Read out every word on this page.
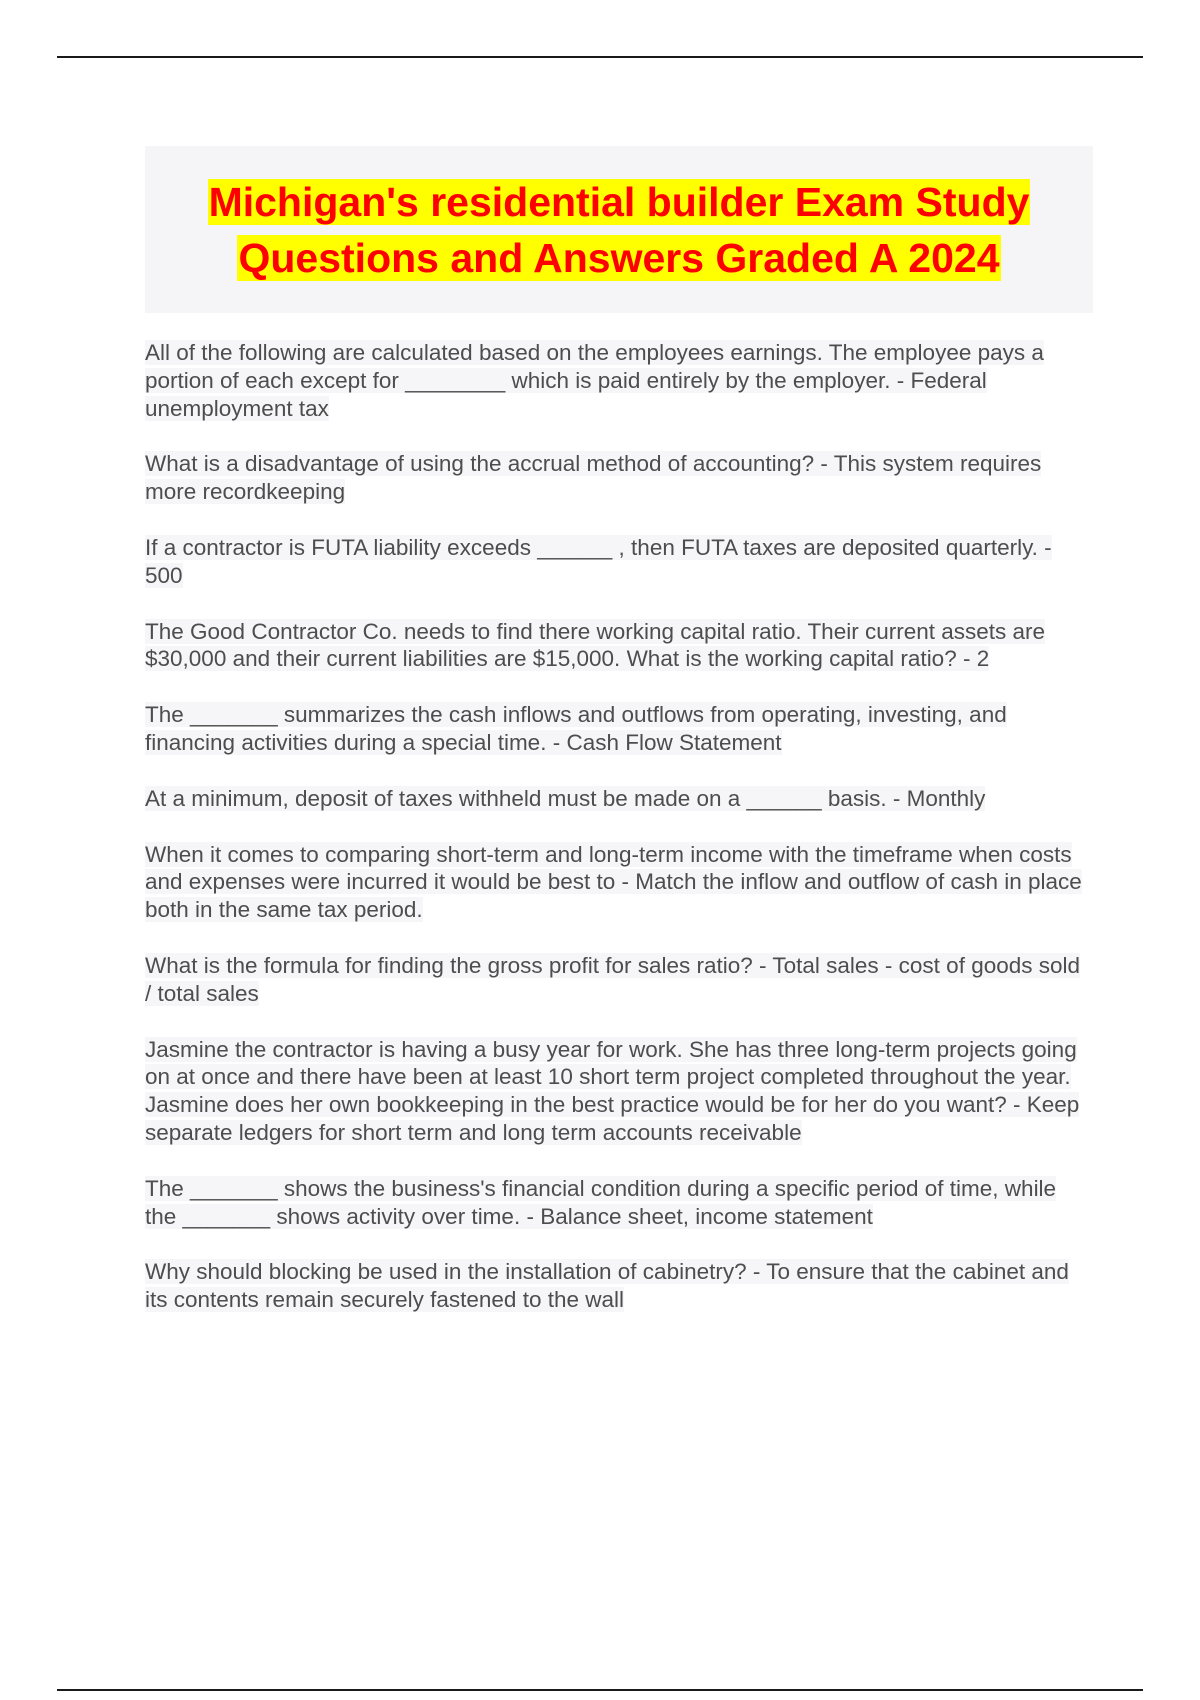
Michigan's residential builder Exam Study Questions and Answers Graded A 2024
All of the following are calculated based on the employees earnings. The employee pays a portion of each except for ________ which is paid entirely by the employer. - Federal unemployment tax
What is a disadvantage of using the accrual method of accounting? - This system requires more recordkeeping
If a contractor is FUTA liability exceeds ______ , then FUTA taxes are deposited quarterly. - 500
The Good Contractor Co. needs to find there working capital ratio. Their current assets are $30,000 and their current liabilities are $15,000. What is the working capital ratio? - 2
The _______ summarizes the cash inflows and outflows from operating, investing, and financing activities during a special time. - Cash Flow Statement
At a minimum, deposit of taxes withheld must be made on a ______ basis. - Monthly
When it comes to comparing short-term and long-term income with the timeframe when costs and expenses were incurred it would be best to - Match the inflow and outflow of cash in place both in the same tax period.
What is the formula for finding the gross profit for sales ratio? - Total sales - cost of goods sold / total sales
Jasmine the contractor is having a busy year for work. She has three long-term projects going on at once and there have been at least 10 short term project completed throughout the year. Jasmine does her own bookkeeping in the best practice would be for her do you want? - Keep separate ledgers for short term and long term accounts receivable
The _______ shows the business's financial condition during a specific period of time, while the _______ shows activity over time. - Balance sheet, income statement
Why should blocking be used in the installation of cabinetry? - To ensure that the cabinet and its contents remain securely fastened to the wall
